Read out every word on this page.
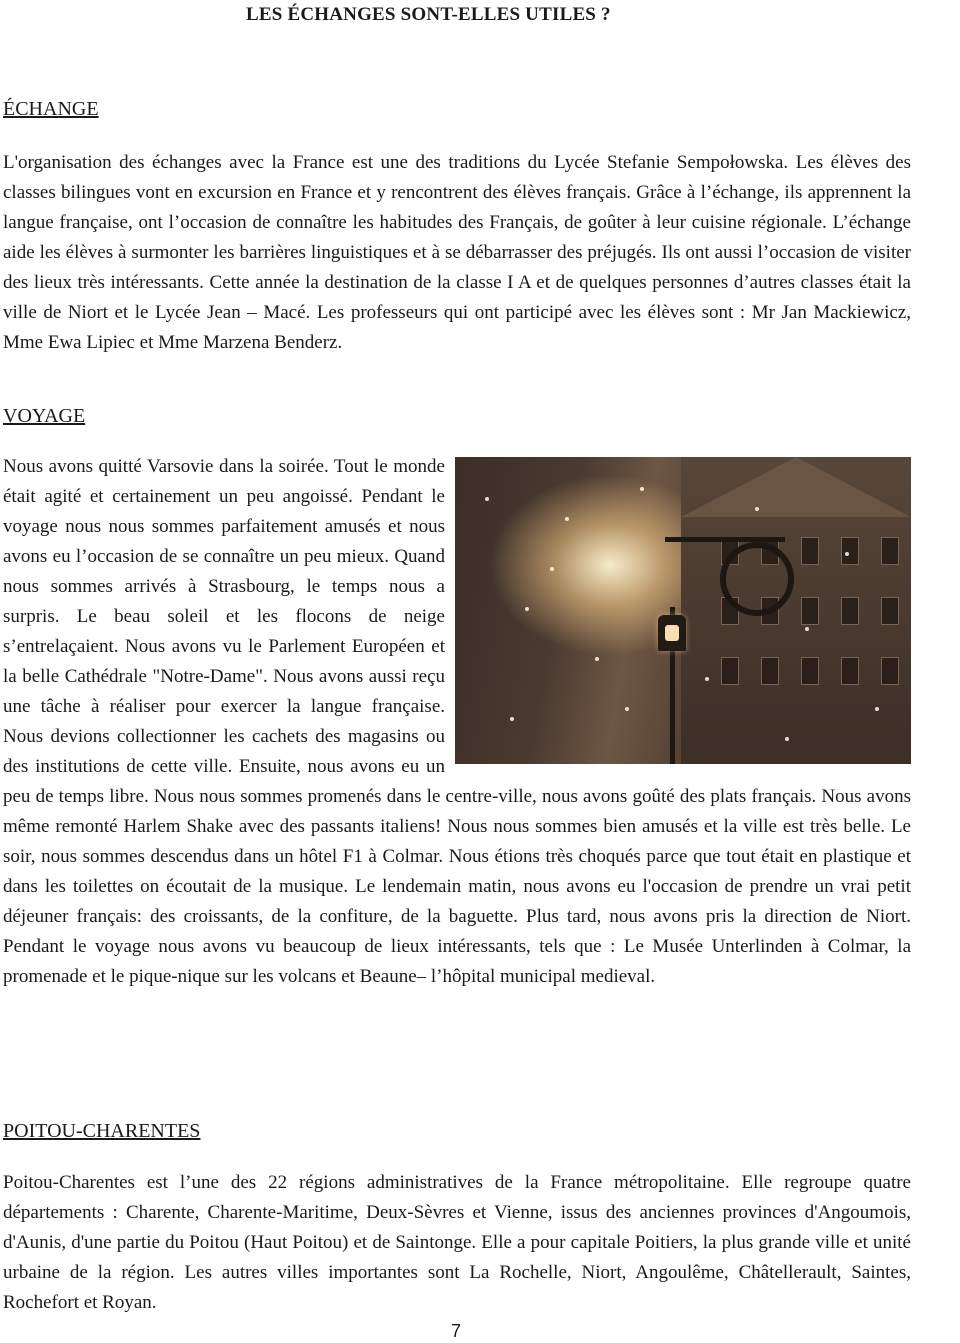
LES ÉCHANGES SONT-ELLES UTILES ?
ÉCHANGE
L'organisation des échanges avec la France est une des traditions du Lycée Stefanie Sempołowska. Les élèves des classes bilingues vont en excursion en France et y rencontrent des élèves français. Grâce à l’échange, ils apprennent la langue française, ont l’occasion de connaître les habitudes des Français, de goûter à leur cuisine régionale. L’échange aide les élèves à surmonter les barrières linguistiques et à se débarrasser des préjugés. Ils ont aussi l’occasion de visiter des lieux très intéressants. Cette année la destination de la classe I A et de quelques personnes d’autres classes était la ville de Niort et le Lycée Jean – Macé. Les professeurs qui ont participé avec les élèves sont : Mr Jan Mackiewicz, Mme Ewa Lipiec et Mme Marzena Benderz.
VOYAGE
Nous avons quitté Varsovie dans la soirée. Tout le monde était agité et certainement un peu angoissé. Pendant le voyage nous nous sommes parfaitement amusés et nous avons eu l’occasion de se connaître un peu mieux. Quand nous sommes arrivés à Strasbourg, le temps nous a surpris. Le beau soleil et les flocons de neige s’entrelaçaient. Nous avons vu le Parlement Européen et la belle Cathédrale "Notre-Dame". Nous avons aussi reçu une tâche à réaliser pour exercer la langue française. Nous devions collectionner les cachets des magasins ou des institutions de cette ville. Ensuite, nous avons eu un peu de temps libre. Nous nous sommes promenés dans le centre-ville, nous avons goûté des plats français. Nous avons même remonté Harlem Shake avec des passants italiens! Nous nous sommes bien amusés et la ville est très belle. Le soir, nous sommes descendus dans un hôtel F1 à Colmar. Nous étions très choqués parce que tout était en plastique et dans les toilettes on écoutait de la musique. Le lendemain matin, nous avons eu l'occasion de prendre un vrai petit déjeuner français: des croissants, de la confiture, de la baguette. Plus tard, nous avons pris la direction de Niort. Pendant le voyage nous avons vu beaucoup de lieux intéressants, tels que : Le Musée Unterlinden à Colmar, la promenade et le pique-nique sur les volcans et Beaune– l’hôpital municipal medieval.
POITOU-CHARENTES
Poitou-Charentes est l’une des 22 régions administratives de la France métropolitaine. Elle regroupe quatre départements : Charente, Charente-Maritime, Deux-Sèvres et Vienne, issus des anciennes provinces d'Angoumois, d'Aunis, d'une partie du Poitou (Haut Poitou) et de Saintonge. Elle a pour capitale Poitiers, la plus grande ville et unité urbaine de la région. Les autres villes importantes sont La Rochelle, Niort, Angoulême, Châtellerault, Saintes, Rochefort et Royan.
7
